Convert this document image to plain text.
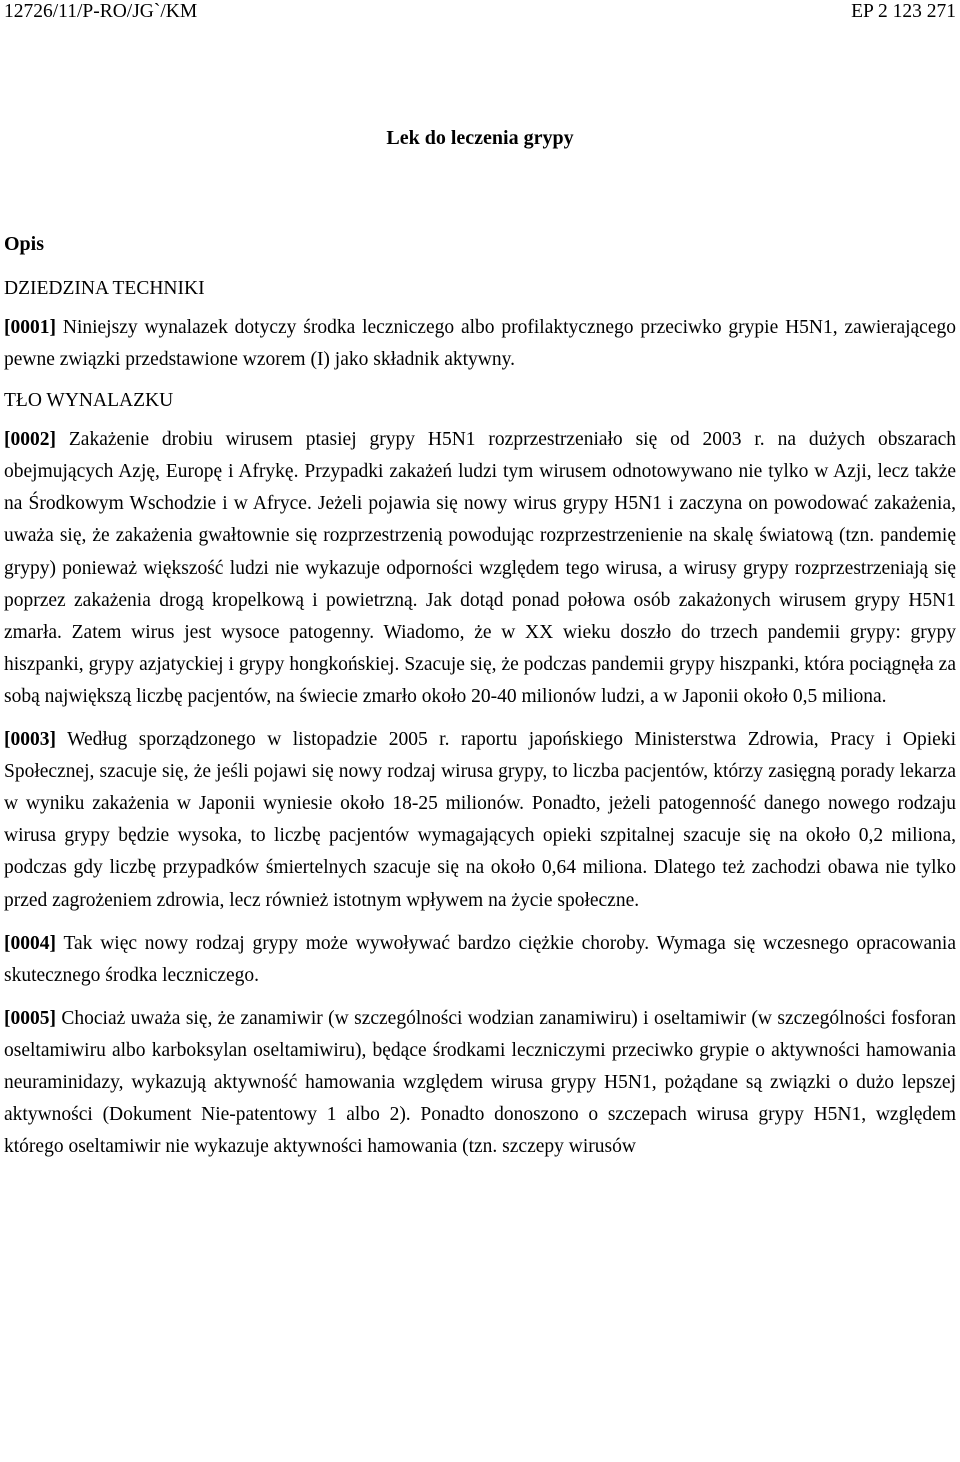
12726/11/P-RO/JG`/KM	EP 2 123 271
Lek do leczenia grypy
Opis
DZIEDZINA TECHNIKI

[0001] Niniejszy wynalazek dotyczy środka leczniczego albo profilaktycznego przeciwko grypie H5N1, zawierającego pewne związki przedstawione wzorem (I) jako składnik aktywny.

TŁO WYNALAZKU

[0002] Zakażenie drobiu wirusem ptasiej grypy H5N1 rozprzestrzeniało się od 2003 r. na dużych obszarach obejmujących Azję, Europę i Afrykę. Przypadki zakażeń ludzi tym wirusem odnotowywano nie tylko w Azji, lecz także na Środkowym Wschodzie i w Afryce. Jeżeli pojawia się nowy wirus grypy H5N1 i zaczyna on powodować zakażenia, uważa się, że zakażenia gwałtownie się rozprzestrzenią powodując rozprzestrzenienie na skalę światową (tzn. pandemię grypy) ponieważ większość ludzi nie wykazuje odporności względem tego wirusa, a wirusy grypy rozprzestrzeniają się poprzez zakażenia drogą kropelkową i powietrzną. Jak dotąd ponad połowa osób zakażonych wirusem grypy H5N1 zmarła. Zatem wirus jest wysoce patogenny. Wiadomo, że w XX wieku doszło do trzech pandemii grypy: grypy hiszpanki, grypy azjatyckiej i grypy hongkońskiej. Szacuje się, że podczas pandemii grypy hiszpanki, która pociągnęła za sobą największą liczbę pacjentów, na świecie zmarło około 20-40 milionów ludzi, a w Japonii około 0,5 miliona.

[0003] Według sporządzonego w listopadzie 2005 r. raportu japońskiego Ministerstwa Zdrowia, Pracy i Opieki Społecznej, szacuje się, że jeśli pojawi się nowy rodzaj wirusa grypy, to liczba pacjentów, którzy zasięgną porady lekarza w wyniku zakażenia w Japonii wyniesie około 18-25 milionów. Ponadto, jeżeli patogenność danego nowego rodzaju wirusa grypy będzie wysoka, to liczbę pacjentów wymagających opieki szpitalnej szacuje się na około 0,2 miliona, podczas gdy liczbę przypadków śmiertelnych szacuje się na około 0,64 miliona. Dlatego też zachodzi obawa nie tylko przed zagrożeniem zdrowia, lecz również istotnym wpływem na życie społeczne.

[0004] Tak więc nowy rodzaj grypy może wywoływać bardzo ciężkie choroby. Wymaga się wczesnego opracowania skutecznego środka leczniczego.

[0005] Chociaż uważa się, że zanamiwir (w szczególności wodzian zanamiwiru) i oseltamiwir (w szczególności fosforan oseltamiwiru albo karboksylan oseltamiwiru), będące środkami leczniczymi przeciwko grypie o aktywności hamowania neuraminidazy, wykazują aktywność hamowania względem wirusa grypy H5N1, pożądane są związki o dużo lepszej aktywności (Dokument Nie-patentowy 1 albo 2). Ponadto donoszono o szczepach wirusa grypy H5N1, względem którego oseltamiwir nie wykazuje aktywności hamowania (tzn. szczepy wirusów
